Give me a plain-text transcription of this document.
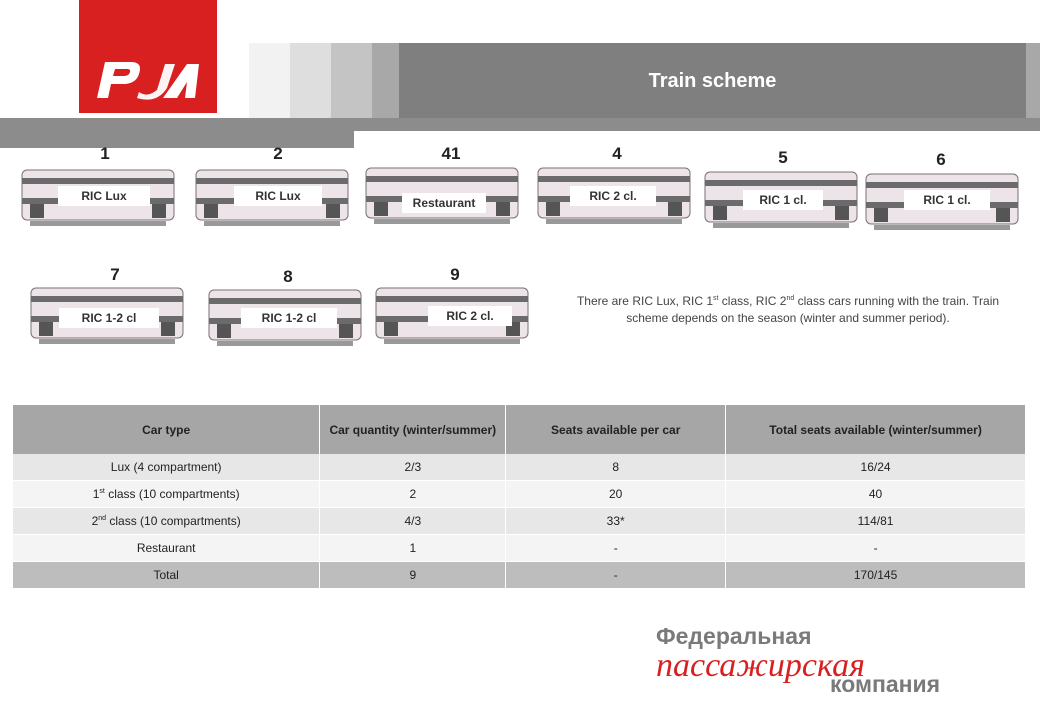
Train scheme
1
RIC Lux
2
RIC Lux
41
Restaurant
4
RIC 2 cl.
5
RIC 1 cl.
6
RIC 1 cl.
7
RIC 1-2 cl
8
RIC 1-2 cl
9
RIC 2 cl.
There are RIC Lux, RIC 1st class, RIC 2nd class cars running with the train. Train scheme depends on the season (winter and summer period).
Car type	Car quantity (winter/summer)	Seats available per car	Total seats available (winter/summer)
Lux (4 compartment)	2/3	8	16/24
1st class (10 compartments)	2	20	40
2nd class (10 compartments)	4/3	33*	114/81
Restaurant	1	-	-
Total	9	-	170/145
Федеральная
пассажирская
компания
